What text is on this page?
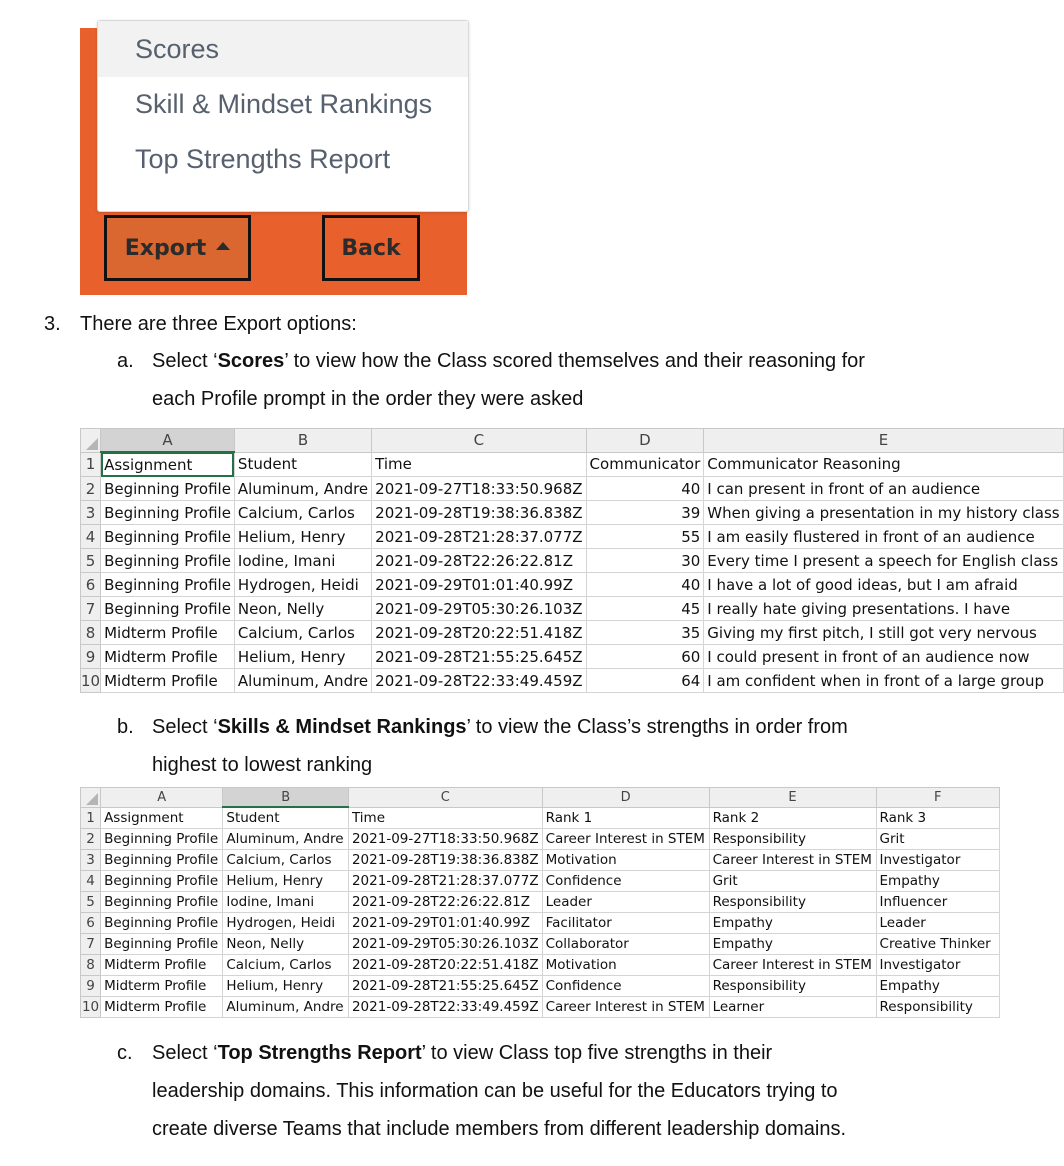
Scores
Skill & Mindset Rankings
Top Strengths Report
Export	Back
3. There are three Export options:
a. Select ‘Scores’ to view how the Class scored themselves and their reasoning for
each Profile prompt in the order they were asked
	A	B	C	D	E
1	Assignment	Student	Time	Communicator	Communicator Reasoning
2	Beginning Profile	Aluminum, Andre	2021-09-27T18:33:50.968Z	40	I can present in front of an audience
3	Beginning Profile	Calcium, Carlos	2021-09-28T19:38:36.838Z	39	When giving a presentation in my history class
4	Beginning Profile	Helium, Henry	2021-09-28T21:28:37.077Z	55	I am easily flustered in front of an audience
5	Beginning Profile	Iodine, Imani	2021-09-28T22:26:22.81Z	30	Every time I present a speech for English class
6	Beginning Profile	Hydrogen, Heidi	2021-09-29T01:01:40.99Z	40	I have a lot of good ideas, but I am afraid
7	Beginning Profile	Neon, Nelly	2021-09-29T05:30:26.103Z	45	I really hate giving presentations. I have
8	Midterm Profile	Calcium, Carlos	2021-09-28T20:22:51.418Z	35	Giving my first pitch, I still got very nervous
9	Midterm Profile	Helium, Henry	2021-09-28T21:55:25.645Z	60	I could present in front of an audience now
10	Midterm Profile	Aluminum, Andre	2021-09-28T22:33:49.459Z	64	I am confident when in front of a large group
b. Select ‘Skills & Mindset Rankings’ to view the Class’s strengths in order from
highest to lowest ranking
	A	B	C	D	E	F
1	Assignment	Student	Time	Rank 1	Rank 2	Rank 3
2	Beginning Profile	Aluminum, Andre	2021-09-27T18:33:50.968Z	Career Interest in STEM	Responsibility	Grit
3	Beginning Profile	Calcium, Carlos	2021-09-28T19:38:36.838Z	Motivation	Career Interest in STEM	Investigator
4	Beginning Profile	Helium, Henry	2021-09-28T21:28:37.077Z	Confidence	Grit	Empathy
5	Beginning Profile	Iodine, Imani	2021-09-28T22:26:22.81Z	Leader	Responsibility	Influencer
6	Beginning Profile	Hydrogen, Heidi	2021-09-29T01:01:40.99Z	Facilitator	Empathy	Leader
7	Beginning Profile	Neon, Nelly	2021-09-29T05:30:26.103Z	Collaborator	Empathy	Creative Thinker
8	Midterm Profile	Calcium, Carlos	2021-09-28T20:22:51.418Z	Motivation	Career Interest in STEM	Investigator
9	Midterm Profile	Helium, Henry	2021-09-28T21:55:25.645Z	Confidence	Responsibility	Empathy
10	Midterm Profile	Aluminum, Andre	2021-09-28T22:33:49.459Z	Career Interest in STEM	Learner	Responsibility
c. Select ‘Top Strengths Report’ to view Class top five strengths in their
leadership domains. This information can be useful for the Educators trying to
create diverse Teams that include members from different leadership domains.
